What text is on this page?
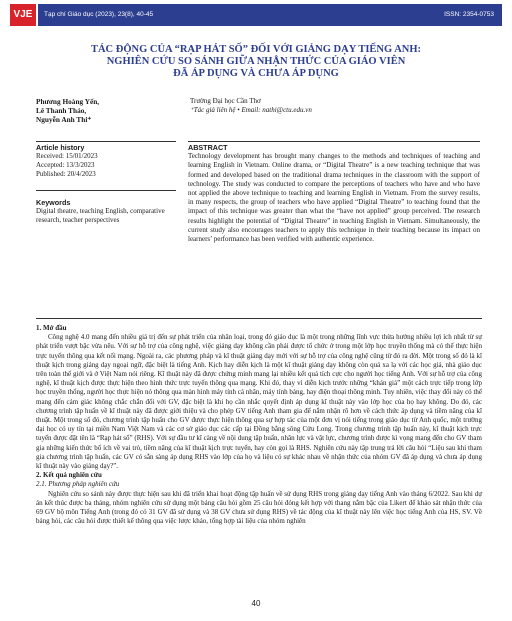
VJE	Tạp chí Giáo dục (2023), 23(8), 40-45	ISSN: 2354-0753
TÁC ĐỘNG CỦA “RẠP HÁT SỐ” ĐỐI VỚI GIẢNG DẠY TIẾNG ANH:
NGHIÊN CỨU SO SÁNH GIỮA NHẬN THỨC CỦA GIÁO VIÊN
ĐÃ ÁP DỤNG VÀ CHƯA ÁP DỤNG
Phương Hoàng Yến,
Lê Thanh Thảo,
Nguyễn Anh Thi⁺
Trường Đại học Cần Thơ
⁺Tác giả liên hệ • Email: nathi@ctu.edu.vn
Article history
Received: 15/01/2023
Accepted: 13/3/2023
Published: 20/4/2023
Keywords
Digital theatre, teaching English, comparative research, teacher perspectives
ABSTRACT

Technology development has brought many changes to the methods and techniques of teaching and learning English in Vietnam. Online drama, or “Digital Theatre” is a new teaching technique that was formed and developed based on the traditional drama techniques in the classroom with the support of technology. The study was conducted to compare the perceptions of teachers who have and who have not applied the above technique to teaching and learning English in Vietnam. From the survey results, in many respects, the group of teachers who have applied “Digital Theatre” to teaching found that the impact of this technique was greater than what the “have not applied” group perceived. The research results highlight the potential of “Digital Theatre” in teaching English in Vietnam. Simultaneously, the current study also encourages teachers to apply this technique in their teaching because its impact on learners’ performance has been verified with authentic experience.

1. Mở đầu

Công nghệ 4.0 mang đến nhiều giá trị đến sự phát triển của nhân loại, trong đó giáo dục là một trong những lĩnh vực thừa hưởng nhiều lợi ích nhất từ sự phát triển vượt bậc vừa nêu. Với sự hỗ trợ của công nghệ, việc giảng dạy không cần phải được tổ chức ở trong một lớp học truyền thống mà có thể thực hiện trực tuyến thông qua kết nối mạng. Ngoài ra, các phương pháp và kĩ thuật giảng dạy mới với sự hỗ trợ của công nghệ cũng từ đó ra đời. Một trong số đó là kĩ thuật kịch trong giảng dạy ngoại ngữ, đặc biệt là tiếng Anh. Kịch hay diễn kịch là một kĩ thuật giảng dạy không còn quá xa lạ với các học giả, nhà giáo dục trên toàn thế giới và ở Việt Nam nói riêng. Kĩ thuật này đã được chứng minh mang lại nhiều kết quả tích cực cho người học tiếng Anh. Với sự hỗ trợ của công nghệ, kĩ thuật kịch được thực hiện theo hình thức trực tuyến thông qua mạng. Khi đó, thay vì diễn kịch trước những “khán giả” một cách trực tiếp trong lớp học truyền thống, người học thực hiện nó thông qua màn hình máy tính cá nhân, máy tính bảng, hay điện thoại thông minh. Tuy nhiên, việc thay đổi này có thể mang đến cảm giác không chắc chắn đối với GV, đặc biệt là khi họ cần nhắc quyết định áp dụng kĩ thuật này vào lớp học của họ hay không. Do đó, các chương trình tập huấn về kĩ thuật này đã được giới thiệu và cho phép GV tiếng Anh tham gia để nắm nhận rõ hơn về cách thức áp dụng và tiềm năng của kĩ thuật. Một trong số đó, chương trình tập huấn cho GV được thực hiện thông qua sự hợp tác của một đơn vị nói tiếng trong giáo dục từ Anh quốc, một trường đại học có uy tín tại miền Nam Việt Nam và các cơ sở giáo dục các cấp tại Đồng bằng sông Cửu Long. Trong chương trình tập huấn này, kĩ thuật kịch trực tuyến được đặt tên là “Rạp hát số” (RHS). Với sự đầu tư kĩ càng về nội dung tập huấn, nhân lực và vật lực, chương trình được kì vọng mang đến cho GV tham gia những kiến thức bổ ích về vai trò, tiềm năng của kĩ thuật kịch trực tuyến, hay còn gọi là RHS. Nghiên cứu này tập trung trả lời câu hỏi “Liệu sau khi tham gia chương trình tập huấn, các GV có sẵn sàng áp dụng RHS vào lớp của họ và liệu có sự khác nhau về nhận thức của nhóm GV đã áp dụng và chưa áp dụng kĩ thuật này vào giảng dạy?”.

2. Kết quả nghiên cứu

2.1. Phương pháp nghiên cứu

Nghiên cứu so sánh này được thực hiện sau khi đã triển khai hoạt động tập huấn về sử dụng RHS trong giảng dạy tiếng Anh vào tháng 6/2022. Sau khi dự án kết thúc được ba tháng, nhóm nghiên cứu sử dụng một bảng câu hỏi gồm 25 câu hỏi đóng kết hợp với thang nắm bậc của Likert để khảo sát nhận thức của 69 GV bộ môn Tiếng Anh (trong đó có 31 GV đã sử dụng và 38 GV chưa sử dụng RHS) về tác động của kĩ thuật này lên việc học tiếng Anh của HS, SV. Về bảng hỏi, các câu hỏi được thiết kế thông qua việc lược khảo, tổng hợp tài liệu của nhóm nghiên

40
